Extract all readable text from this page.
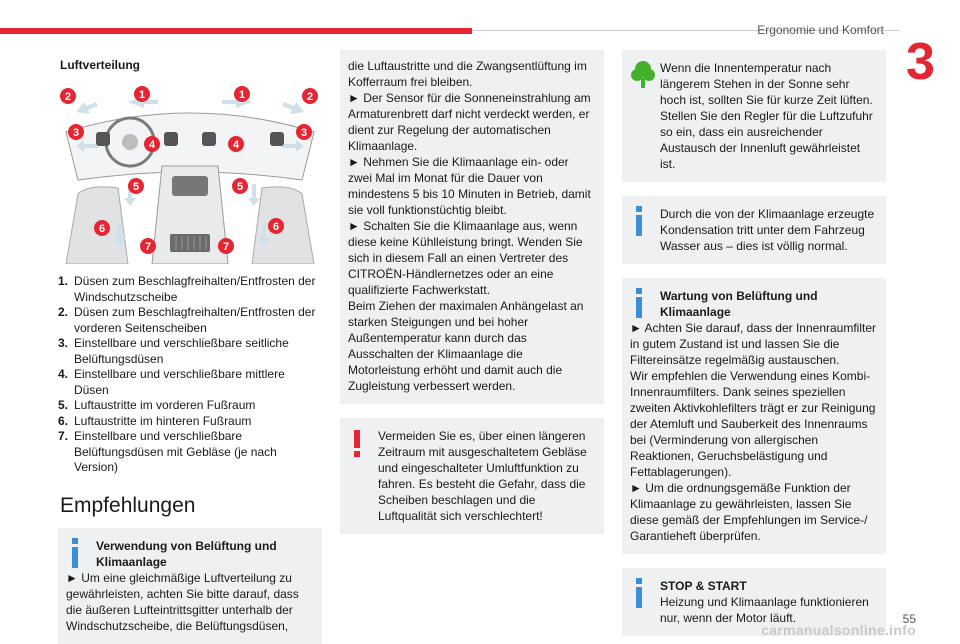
Ergonomie und Komfort
3
Luftverteilung
1	1
2	2
3	3
4	4
5	5
6	6
7	7
1. Düsen zum Beschlagfreihalten/Entfrosten der Windschutzscheibe
2. Düsen zum Beschlagfreihalten/Entfrosten der vorderen Seitenscheiben
3. Einstellbare und verschließbare seitliche Belüftungsdüsen
4. Einstellbare und verschließbare mittlere Düsen
5. Luftaustritte im vorderen Fußraum
6. Luftaustritte im hinteren Fußraum
7. Einstellbare und verschließbare Belüftungsdüsen mit Gebläse (je nach Version)
Empfehlungen

Verwendung von Belüftung und Klimaanlage

► Um eine gleichmäßige Luftverteilung zu gewährleisten, achten Sie bitte darauf, dass die äußeren Lufteintrittsgitter unterhalb der Windschutzscheibe, die Belüftungsdüsen,

die Luftaustritte und die Zwangsentlüftung im Kofferraum frei bleiben.

► Der Sensor für die Sonneneinstrahlung am Armaturenbrett darf nicht verdeckt werden, er dient zur Regelung der automatischen Klimaanlage.

► Nehmen Sie die Klimaanlage ein- oder zwei Mal im Monat für die Dauer von mindestens 5 bis 10 Minuten in Betrieb, damit sie voll funktionstüchtig bleibt.

► Schalten Sie die Klimaanlage aus, wenn diese keine Kühlleistung bringt. Wenden Sie sich in diesem Fall an einen Vertreter des CITROËN-Händlernetzes oder an eine qualifizierte Fachwerkstatt.

Beim Ziehen der maximalen Anhängelast an starken Steigungen und bei hoher Außentemperatur kann durch das Ausschalten der Klimaanlage die Motorleistung erhöht und damit auch die Zugleistung verbessert werden.

Vermeiden Sie es, über einen längeren Zeitraum mit ausgeschaltetem Gebläse und eingeschalteter Umluftfunktion zu fahren. Es besteht die Gefahr, dass die Scheiben beschlagen und die Luftqualität sich verschlechtert!

Wenn die Innentemperatur nach längerem Stehen in der Sonne sehr hoch ist, sollten Sie für kurze Zeit lüften. Stellen Sie den Regler für die Luftzufuhr so ein, dass ein ausreichender Austausch der Innenluft gewährleistet ist.

Durch die von der Klimaanlage erzeugte Kondensation tritt unter dem Fahrzeug Wasser aus – dies ist völlig normal.

Wartung von Belüftung und Klimaanlage

► Achten Sie darauf, dass der Innenraumfilter in gutem Zustand ist und lassen Sie die Filtereinsätze regelmäßig austauschen.

Wir empfehlen die Verwendung eines Kombi-Innenraumfilters. Dank seines speziellen zweiten Aktivkohlefilters trägt er zur Reinigung der Atemluft und Sauberkeit des Innenraums bei (Verminderung von allergischen Reaktionen, Geruchsbelästigung und Fettablagerungen).

► Um die ordnungsgemäße Funktion der Klimaanlage zu gewährleisten, lassen Sie diese gemäß der Empfehlungen im Service-/ Garantieheft überprüfen.

STOP & START

Heizung und Klimaanlage funktionieren nur, wenn der Motor läuft.	55
carmanualsonline.info
